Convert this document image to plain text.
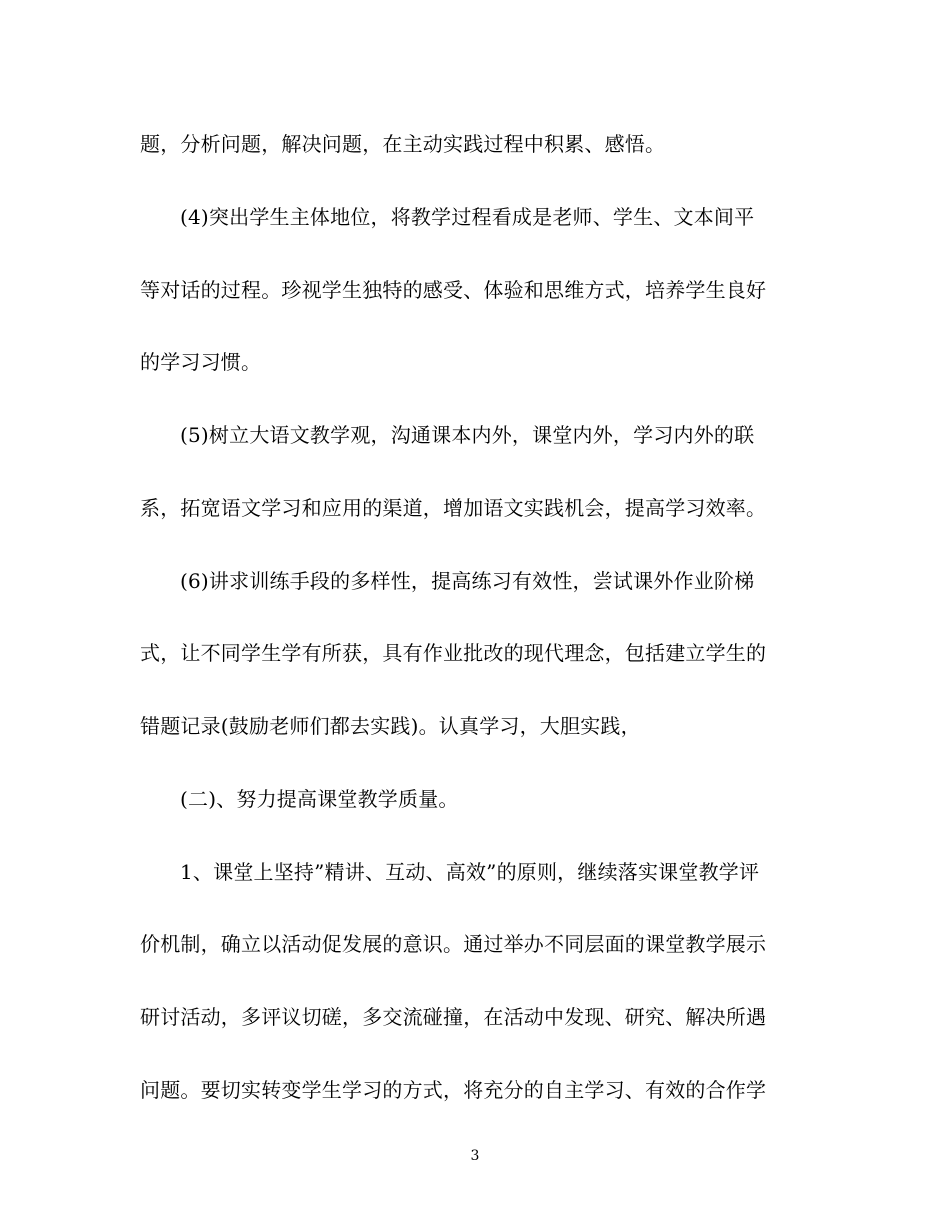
题，分析问题，解决问题，在主动实践过程中积累、感悟。
(4)突出学生主体地位，将教学过程看成是老师、学生、文本间平
等对话的过程。珍视学生独特的感受、体验和思维方式，培养学生良好
的学习习惯。
(5)树立大语文教学观，沟通课本内外，课堂内外，学习内外的联
系，拓宽语文学习和应用的渠道，增加语文实践机会，提高学习效率。
(6)讲求训练手段的多样性，提高练习有效性，尝试课外作业阶梯
式，让不同学生学有所获，具有作业批改的现代理念，包括建立学生的
错题记录(鼓励老师们都去实践)。认真学习，大胆实践，
(二)、努力提高课堂教学质量。
1、课堂上坚持”精讲、互动、高效”的原则，继续落实课堂教学评
价机制，确立以活动促发展的意识。通过举办不同层面的课堂教学展示
研讨活动，多评议切磋，多交流碰撞，在活动中发现、研究、解决所遇
问题。要切实转变学生学习的方式，将充分的自主学习、有效的合作学
3
